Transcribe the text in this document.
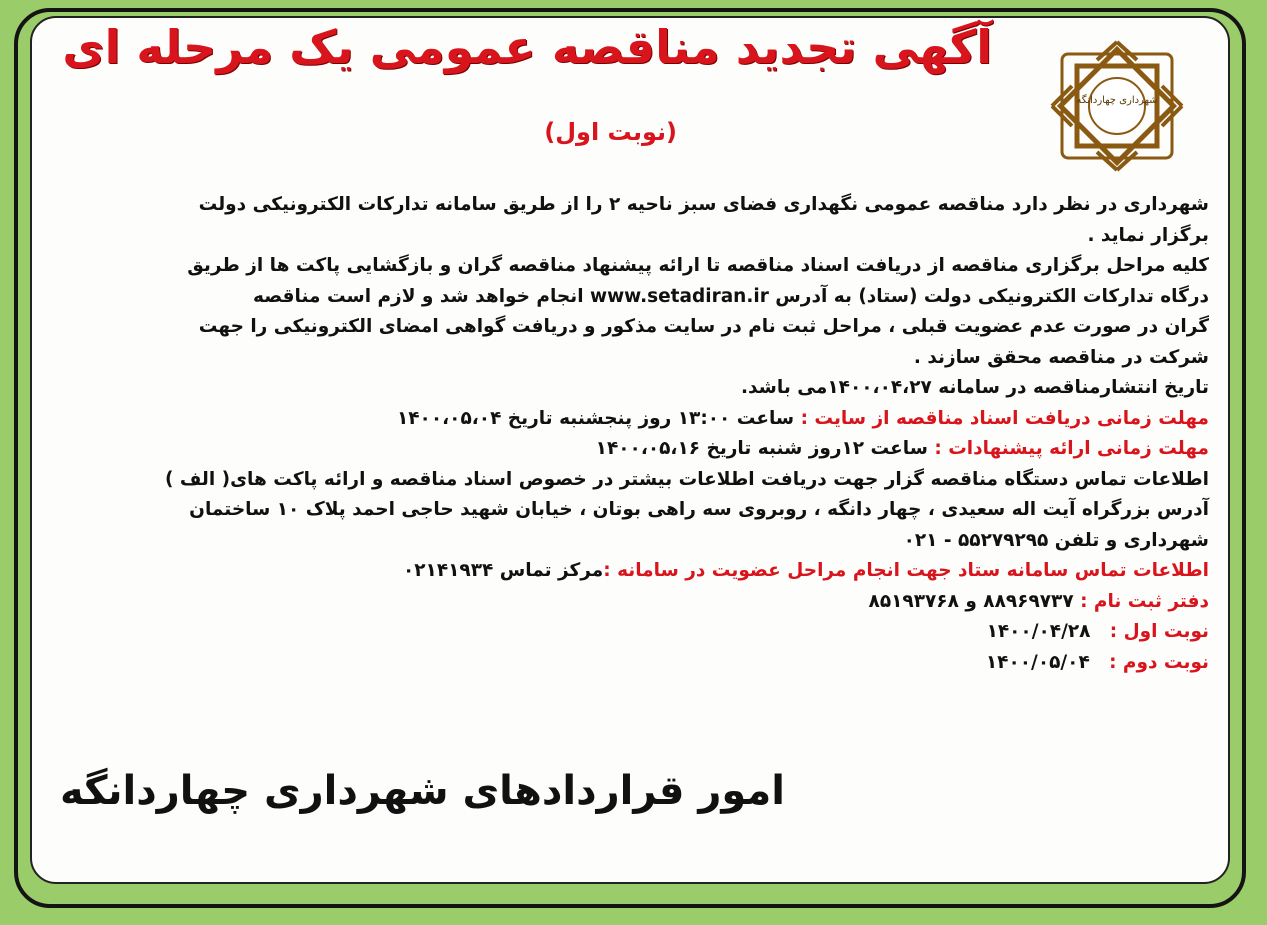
آگهی تجدید مناقصه عمومی یک مرحله ای
(نوبت اول)
شهرداری چهاردانگه
شهرداری در نظر دارد مناقصه عمومی نگهداری فضای سبز ناحیه ۲ را از طریق سامانه تدارکات الکترونیکی دولت
برگزار نماید .
کلیه مراحل برگزاری مناقصه از دریافت اسناد مناقصه تا ارائه پیشنهاد مناقصه گران و بازگشایی پاکت ها از طریق
درگاه تدارکات الکترونیکی دولت (ستاد) به آدرس www.setadiran.ir انجام خواهد شد و لازم است مناقصه
گران در صورت عدم عضویت قبلی ، مراحل ثبت نام در سایت مذکور و دریافت گواهی امضای الکترونیکی را جهت
شرکت در مناقصه محقق سازند .
تاریخ انتشارمناقصه در سامانه ۱۴۰۰،۰۴،۲۷می باشد.
مهلت زمانی دریافت اسناد مناقصه از سایت : ساعت ۱۳:۰۰ روز پنجشنبه تاریخ ۱۴۰۰،۰۵،۰۴
مهلت زمانی ارائه پیشنهادات : ساعت ۱۲روز شنبه تاریخ ۱۴۰۰،۰۵،۱۶
اطلاعات تماس دستگاه مناقصه گزار جهت دریافت اطلاعات بیشتر در خصوص اسناد مناقصه و ارائه پاکت های( الف )
آدرس بزرگراه آیت اله سعیدی ، چهار دانگه ، روبروی سه راهی بوتان ، خیابان شهید حاجی احمد پلاک ۱۰ ساختمان
شهرداری و تلفن ۵۵۲۷۹۲۹۵ - ۰۲۱
اطلاعات تماس سامانه ستاد جهت انجام مراحل عضویت در سامانه :مرکز تماس ۰۲۱۴۱۹۳۴
دفتر ثبت نام : ۸۸۹۶۹۷۳۷ و ۸۵۱۹۳۷۶۸
نوبت اول :   ۱۴۰۰/۰۴/۲۸
نوبت دوم :   ۱۴۰۰/۰۵/۰۴
امور قراردادهای شهرداری چهاردانگه
